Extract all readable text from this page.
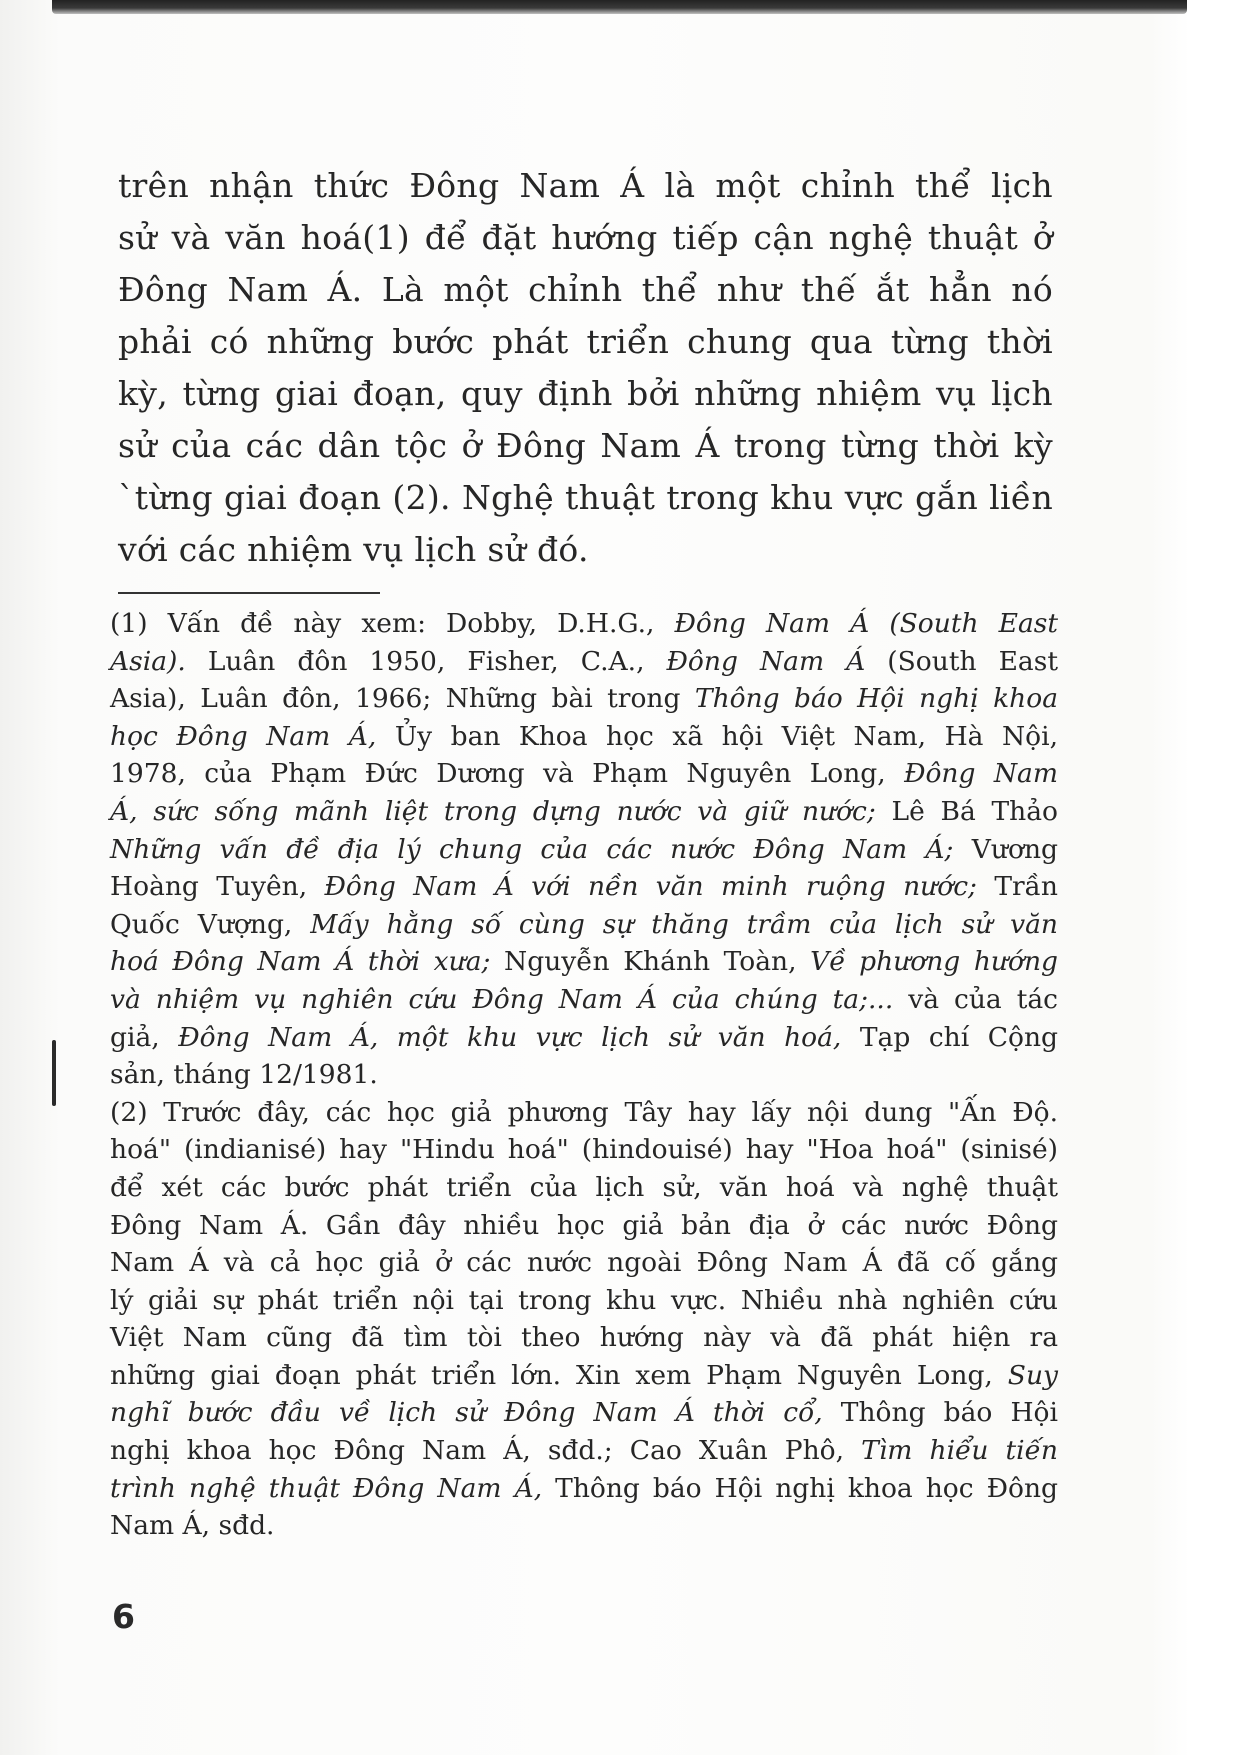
trên nhận thức Đông Nam Á là một chỉnh thể lịch
sử và văn hoá(1) để đặt hướng tiếp cận nghệ thuật ở
Đông Nam Á. Là một chỉnh thể như thế ắt hẳn nó
phải có những bước phát triển chung qua từng thời
kỳ, từng giai đoạn, quy định bởi những nhiệm vụ lịch
sử của các dân tộc ở Đông Nam Á trong từng thời kỳ
`từng giai đoạn (2). Nghệ thuật trong khu vực gắn liền
với các nhiệm vụ lịch sử đó.
(1) Vấn đề này xem: Dobby, D.H.G., Đông Nam Á (South East
Asia). Luân đôn 1950, Fisher, C.A., Đông Nam Á (South East
Asia), Luân đôn, 1966; Những bài trong Thông báo Hội nghị khoa
học Đông Nam Á, Ủy ban Khoa học xã hội Việt Nam, Hà Nội,
1978, của Phạm Đức Dương và Phạm Nguyên Long, Đông Nam
Á, sức sống mãnh liệt trong dựng nước và giữ nước; Lê Bá Thảo
Những vấn đề địa lý chung của các nước Đông Nam Á; Vương
Hoàng Tuyên, Đông Nam Á với nền văn minh ruộng nước; Trần
Quốc Vượng, Mấy hằng số cùng sự thăng trầm của lịch sử văn
hoá Đông Nam Á thời xưa; Nguyễn Khánh Toàn, Về phương hướng
và nhiệm vụ nghiên cứu Đông Nam Á của chúng ta;... và của tác
giả, Đông Nam Á, một khu vực lịch sử văn hoá, Tạp chí Cộng
sản, tháng 12/1981.
(2) Trước đây, các học giả phương Tây hay lấy nội dung "Ấn Độ.
hoá" (indianisé) hay "Hindu hoá" (hindouisé) hay "Hoa hoá" (sinisé)
để xét các bước phát triển của lịch sử, văn hoá và nghệ thuật
Đông Nam Á. Gần đây nhiều học giả bản địa ở các nước Đông
Nam Á và cả học giả ở các nước ngoài Đông Nam Á đã cố gắng
lý giải sự phát triển nội tại trong khu vực. Nhiều nhà nghiên cứu
Việt Nam cũng đã tìm tòi theo hướng này và đã phát hiện ra
những giai đoạn phát triển lớn. Xin xem Phạm Nguyên Long, Suy
nghĩ bước đầu về lịch sử Đông Nam Á thời cổ, Thông báo Hội
nghị khoa học Đông Nam Á, sđd.; Cao Xuân Phô, Tìm hiểu tiến
trình nghệ thuật Đông Nam Á, Thông báo Hội nghị khoa học Đông
Nam Á, sđd.
6
